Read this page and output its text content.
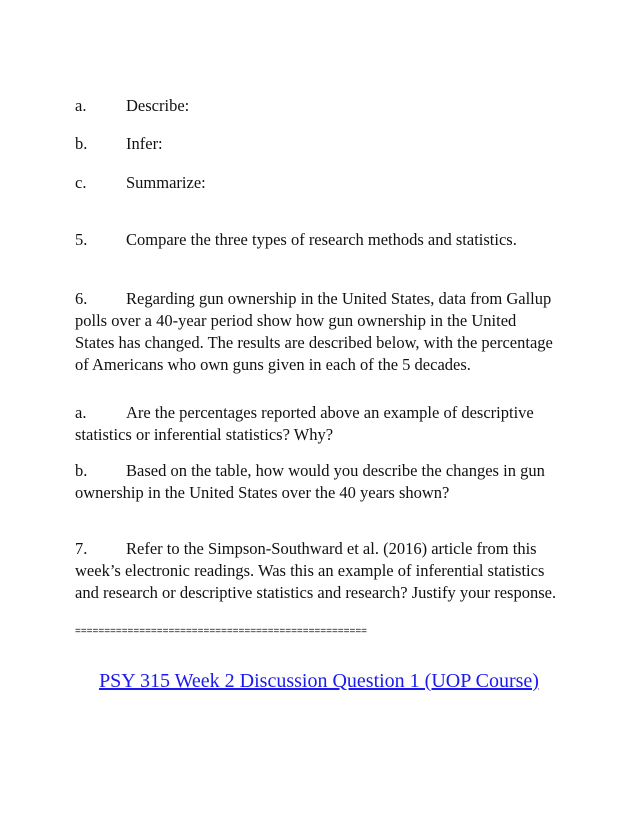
a. Describe:
b. Infer:
c. Summarize:
5. Compare the three types of research methods and statistics.
6. Regarding gun ownership in the United States, data from Gallup
polls over a 40-year period show how gun ownership in the United
States has changed. The results are described below, with the percentage
of Americans who own guns given in each of the 5 decades.
a. Are the percentages reported above an example of descriptive
statistics or inferential statistics? Why?
b. Based on the table, how would you describe the changes in gun
ownership in the United States over the 40 years shown?
7. Refer to the Simpson-Southward et al. (2016) article from this
week’s electronic readings. Was this an example of inferential statistics
and research or descriptive statistics and research? Justify your response.
==================================================
PSY 315 Week 2 Discussion Question 1 (UOP Course)
